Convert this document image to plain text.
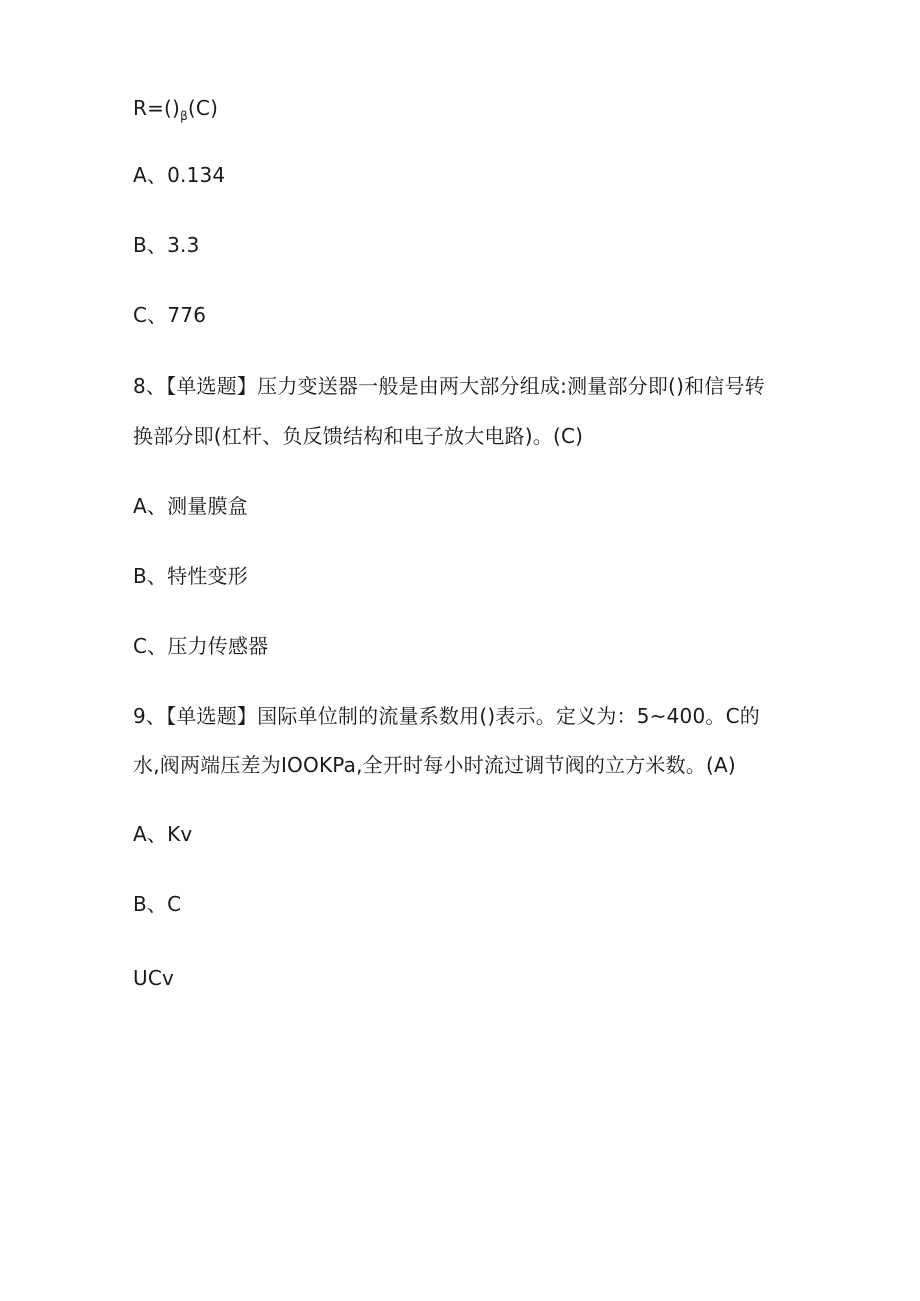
$R=()_\beta(C)$
A、0.134
B、3.3
C、776
8、【单选题】压力变送器一般是由两大部分组成:测量部分即()和信号转
换部分即(杠杆、负反馈结构和电子放大电路)。(C)
A、测量膜盒
B、特性变形
C、压力传感器
9、【单选题】国际单位制的流量系数用()表示。定义为：5~400。C的
水,阀两端压差为IOOKPa,全开时每小时流过调节阀的立方米数。(A)
A、Kv
B、C
UCv
